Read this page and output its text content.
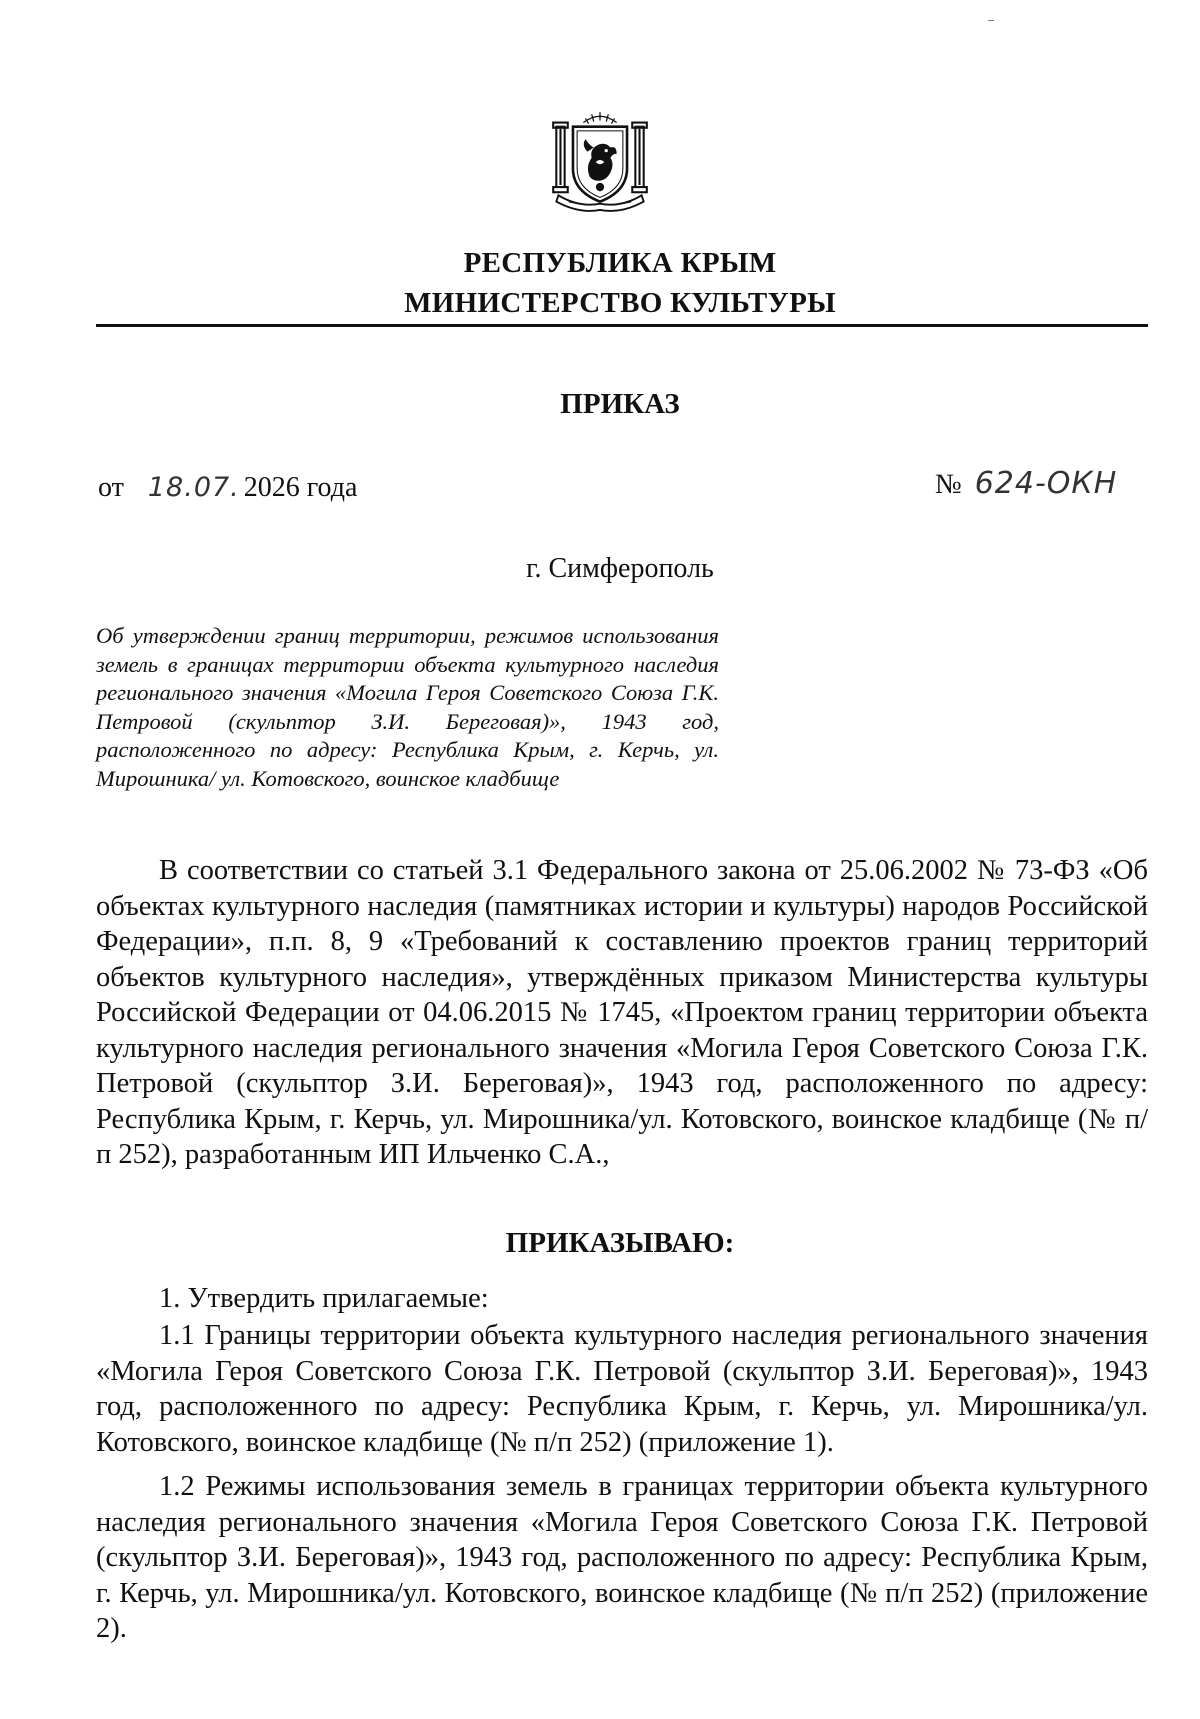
РЕСПУБЛИКА КРЫМ
МИНИСТЕРСТВО КУЛЬТУРЫ
ПРИКАЗ
от 18.07. 2026 года	№ 624-ОКН
г. Симферополь
Об утверждении границ территории, режимов использования земель в границах территории объекта культурного наследия регионального значения «Могила Героя Советского Союза Г.К. Петровой (скульптор З.И. Береговая)», 1943 год, расположенного по адресу: Республика Крым, г. Керчь, ул. Мирошника/ ул. Котовского, воинское кладбище
В соответствии со статьей 3.1 Федерального закона от 25.06.2002 № 73-ФЗ «Об объектах культурного наследия (памятниках истории и культуры) народов Российской Федерации», п.п. 8, 9 «Требований к составлению проектов границ территорий объектов культурного наследия», утверждённых приказом Министерства культуры Российской Федерации от 04.06.2015 № 1745, «Проектом границ территории объекта культурного наследия регионального значения «Могила Героя Советского Союза Г.К. Петровой (скульптор З.И. Береговая)», 1943 год, расположенного по адресу: Республика Крым, г. Керчь, ул. Мирошника/ул. Котовского, воинское кладбище (№ п/п 252), разработанным ИП Ильченко С.А.,
ПРИКАЗЫВАЮ:
1. Утвердить прилагаемые:
1.1 Границы территории объекта культурного наследия регионального значения «Могила Героя Советского Союза Г.К. Петровой (скульптор З.И. Береговая)», 1943 год, расположенного по адресу: Республика Крым, г. Керчь, ул. Мирошника/ул. Котовского, воинское кладбище (№ п/п 252) (приложение 1).
1.2 Режимы использования земель в границах территории объекта культурного наследия регионального значения «Могила Героя Советского Союза Г.К. Петровой (скульптор З.И. Береговая)», 1943 год, расположенного по адресу: Республика Крым, г. Керчь, ул. Мирошника/ул. Котовского, воинское кладбище (№ п/п 252) (приложение 2).
